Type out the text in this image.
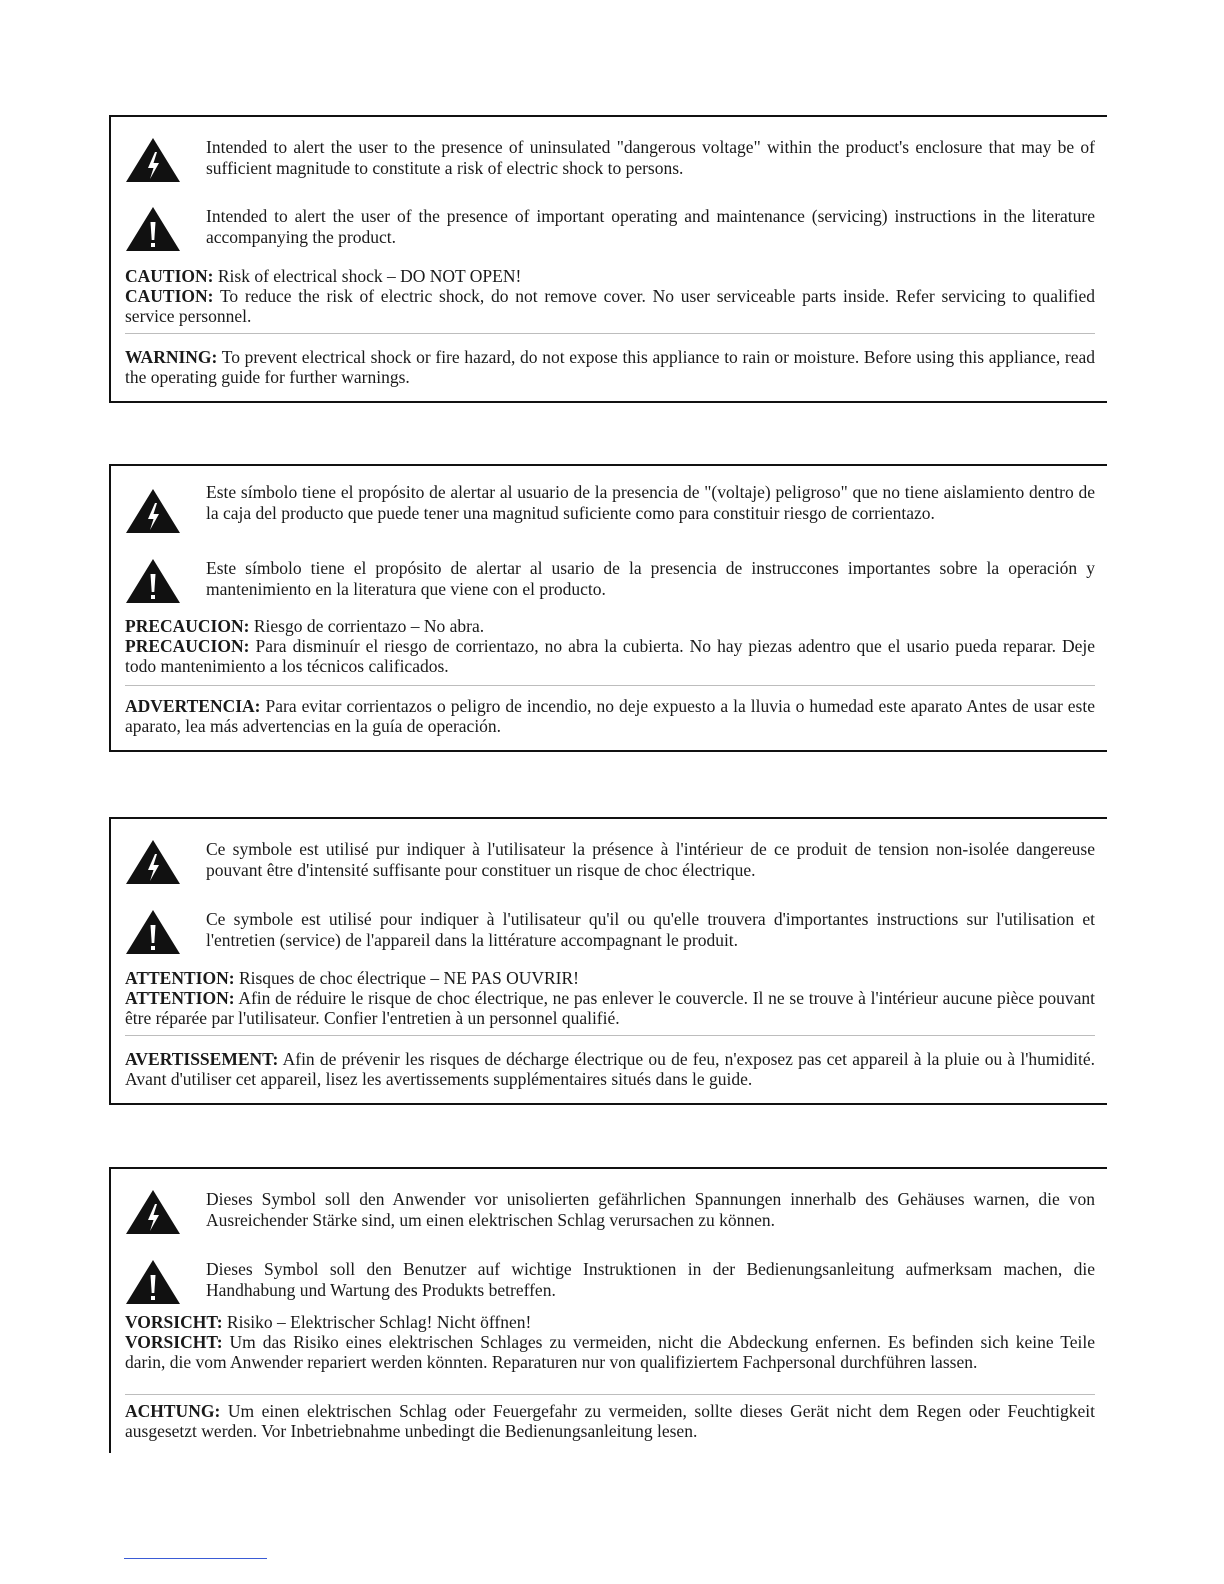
Intended to alert the user to the presence of uninsulated "dangerous voltage" within the product's enclosure that may be of sufficient magnitude to constitute a risk of electric shock to persons.
Intended to alert the user of the presence of important operating and maintenance (servicing) instructions in the literature accompanying the product.
CAUTION: Risk of electrical shock – DO NOT OPEN!
CAUTION: To reduce the risk of electric shock, do not remove cover. No user serviceable parts inside. Refer servicing to qualified service personnel.
WARNING: To prevent electrical shock or fire hazard, do not expose this appliance to rain or moisture. Before using this appliance, read the operating guide for further warnings.
Este símbolo tiene el propósito de alertar al usuario de la presencia de "(voltaje) peligroso" que no tiene aislamiento dentro de la caja del producto que puede tener una magnitud suficiente como para constituir riesgo de corrientazo.
Este símbolo tiene el propósito de alertar al usario de la presencia de instruccones importantes sobre la operación y mantenimiento en la literatura que viene con el producto.
PRECAUCION: Riesgo de corrientazo – No abra.
PRECAUCION: Para disminuír el riesgo de corrientazo, no abra la cubierta. No hay piezas adentro que el usario pueda reparar. Deje todo mantenimiento a los técnicos calificados.
ADVERTENCIA: Para evitar corrientazos o peligro de incendio, no deje expuesto a la lluvia o humedad este aparato Antes de usar este aparato, lea más advertencias en la guía de operación.
Ce symbole est utilisé pur indiquer à l'utilisateur la présence à l'intérieur de ce produit de tension non-isolée dangereuse pouvant être d'intensité suffisante pour constituer un risque de choc électrique.
Ce symbole est utilisé pour indiquer à l'utilisateur qu'il ou qu'elle trouvera d'importantes instructions sur l'utilisation et l'entretien (service) de l'appareil dans la littérature accompagnant le produit.
ATTENTION: Risques de choc électrique – NE PAS OUVRIR!
ATTENTION: Afin de réduire le risque de choc électrique, ne pas enlever le couvercle. Il ne se trouve à l'intérieur aucune pièce pouvant être réparée par l'utilisateur. Confier l'entretien à un personnel qualifié.
AVERTISSEMENT: Afin de prévenir les risques de décharge électrique ou de feu, n'exposez pas cet appareil à la pluie ou à l'humidité. Avant d'utiliser cet appareil, lisez les avertissements supplémentaires situés dans le guide.
Dieses Symbol soll den Anwender vor unisolierten gefährlichen Spannungen innerhalb des Gehäuses warnen, die von Ausreichender Stärke sind, um einen elektrischen Schlag verursachen zu können.
Dieses Symbol soll den Benutzer auf wichtige Instruktionen in der Bedienungsanleitung aufmerksam machen, die Handhabung und Wartung des Produkts betreffen.
VORSICHT: Risiko – Elektrischer Schlag! Nicht öffnen!
VORSICHT: Um das Risiko eines elektrischen Schlages zu vermeiden, nicht die Abdeckung enfernen. Es befinden sich keine Teile darin, die vom Anwender repariert werden könnten. Reparaturen nur von qualifiziertem Fachpersonal durchführen lassen.
ACHTUNG: Um einen elektrischen Schlag oder Feuergefahr zu vermeiden, sollte dieses Gerät nicht dem Regen oder Feuchtigkeit ausgesetzt werden. Vor Inbetriebnahme unbedingt die Bedienungsanleitung lesen.
